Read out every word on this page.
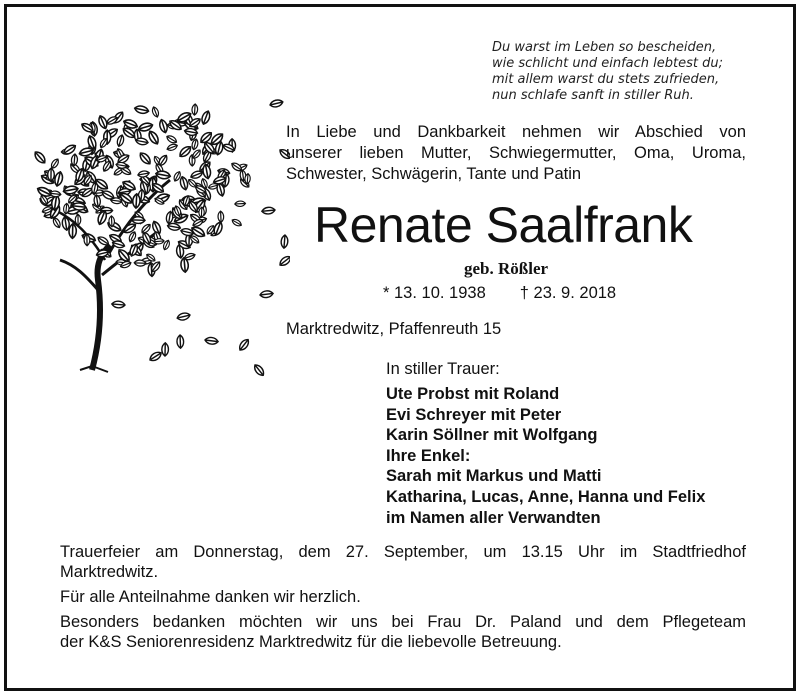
Du warst im Leben so bescheiden,
wie schlicht und einfach lebtest du;
mit allem warst du stets zufrieden,
nun schlafe sanft in stiller Ruh.
In Liebe und Dankbarkeit nehmen wir Abschied von
unserer lieben Mutter, Schwiegermutter, Oma, Uroma,
Schwester, Schwägerin, Tante und Patin
Renate Saalfrank
geb. Rößler
* 13. 10. 1938 † 23. 9. 2018
Marktredwitz, Pfaffenreuth 15
In stiller Trauer:
Ute Probst mit Roland
Evi Schreyer mit Peter
Karin Söllner mit Wolfgang
Ihre Enkel:
Sarah mit Markus und Matti
Katharina, Lucas, Anne, Hanna und Felix
im Namen aller Verwandten

Trauerfeier am Donnerstag, dem 27. September, um 13.15 Uhr im Stadtfriedhof
Marktredwitz.

Für alle Anteilnahme danken wir herzlich.

Besonders bedanken möchten wir uns bei Frau Dr. Paland und dem Pflegeteam
der K&S Seniorenresidenz Marktredwitz für die liebevolle Betreuung.
